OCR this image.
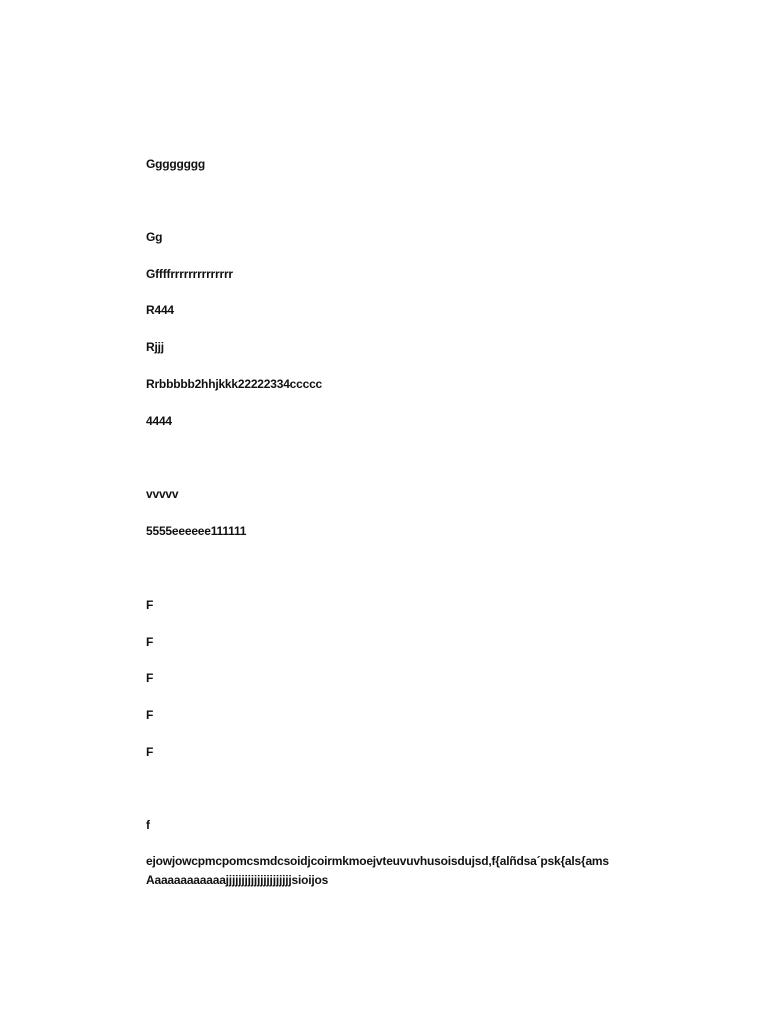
Gggggggg
Gg
Gffffrrrrrrrrrrrrrr
R444
Rjjj
Rrbbbbb2hhjkkk22222334ccccc
4444
vvvvv
5555eeeeee111111
F
F
F
F
F
f
ejowjowcpmcpomcsmdcsoidjcoirmkmoejvteuvuvhusoisdujsd,f{alñdsa´psk{als{ams
Aaaaaaaaaaaajjjjjjjjjjjjjjjjjjjjjsioijos
